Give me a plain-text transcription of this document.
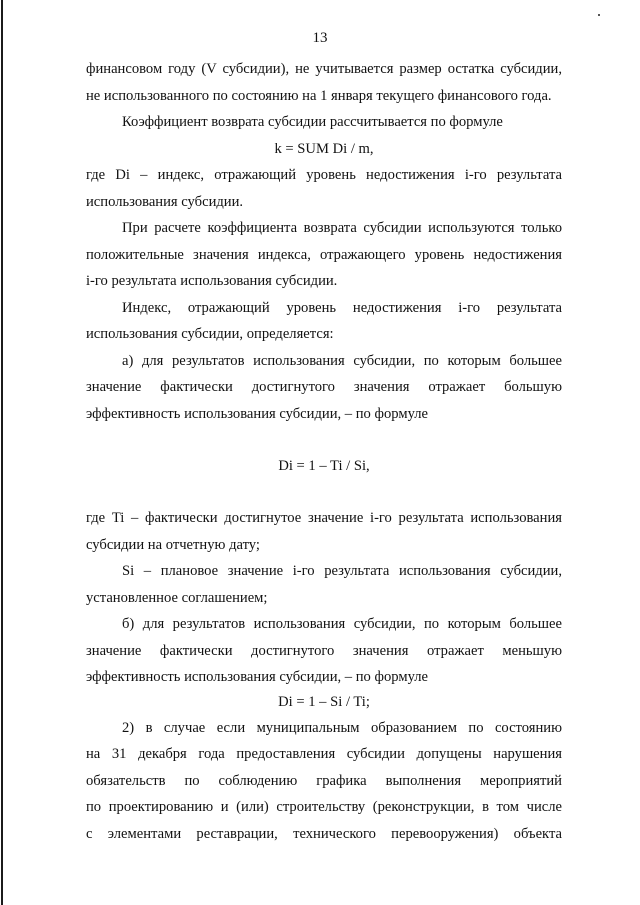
13
финансовом году (V субсидии), не учитывается размер остатка субсидии,
не использованного по состоянию на 1 января текущего финансового года.
Коэффициент возврата субсидии рассчитывается по формуле
k = SUM Di / m,
где Di – индекс, отражающий уровень недостижения i-го результата
использования субсидии.
При расчете коэффициента возврата субсидии используются только
положительные значения индекса, отражающего уровень недостижения
i-го результата использования субсидии.
Индекс, отражающий уровень недостижения i-го результата
использования субсидии, определяется:
а) для результатов использования субсидии, по которым большее
значение фактически достигнутого значения отражает большую
эффективность использования субсидии, – по формуле
Di = 1 – Ti / Si,
где Ti – фактически достигнутое значение i-го результата использования
субсидии на отчетную дату;
Si – плановое значение i-го результата использования субсидии,
установленное соглашением;
б) для результатов использования субсидии, по которым большее
значение фактически достигнутого значения отражает меньшую
эффективность использования субсидии, – по формуле
Di = 1 – Si / Ti;
2) в случае если муниципальным образованием по состоянию
на 31 декабря года предоставления субсидии допущены нарушения
обязательств по соблюдению графика выполнения мероприятий
по проектированию и (или) строительству (реконструкции, в том числе
с элементами реставрации, технического перевооружения) объекта
